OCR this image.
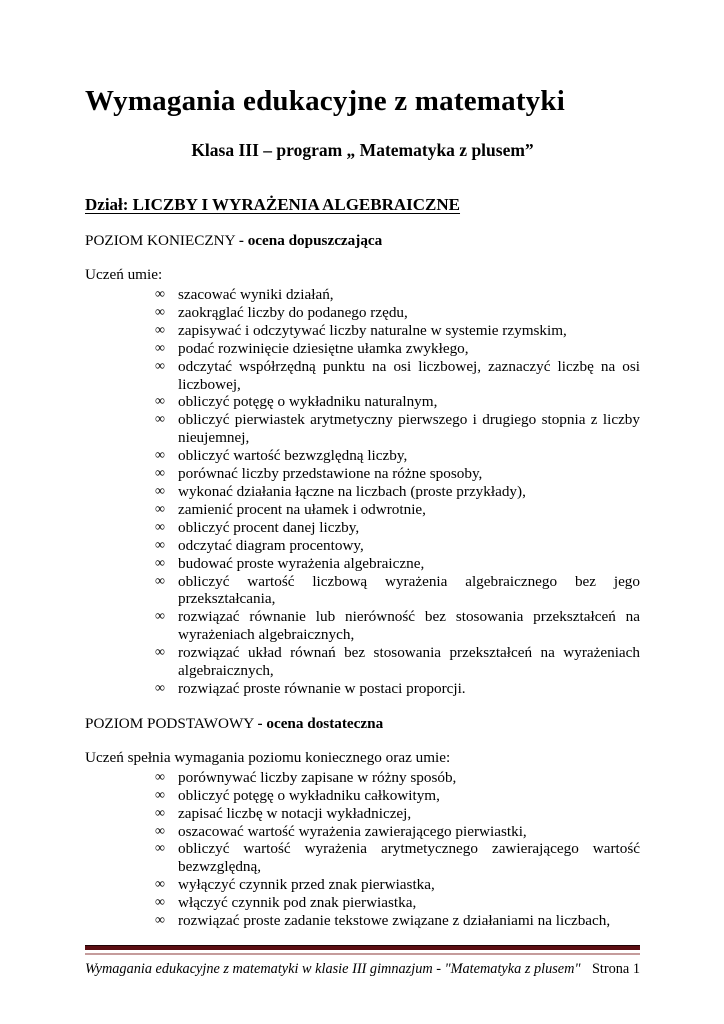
Wymagania edukacyjne z matematyki
Klasa III – program „ Matematyka z plusem”
Dział: LICZBY I WYRAŻENIA ALGEBRAICZNE
POZIOM KONIECZNY - ocena dopuszczająca
Uczeń umie:
∞ szacować wyniki działań,
∞ zaokrąglać liczby do podanego rzędu,
∞ zapisywać i odczytywać liczby naturalne w systemie rzymskim,
∞ podać rozwinięcie dziesiętne ułamka zwykłego,
∞ odczytać współrzędną punktu na osi liczbowej, zaznaczyć liczbę na osi liczbowej,
∞ obliczyć potęgę o wykładniku naturalnym,
∞ obliczyć pierwiastek arytmetyczny pierwszego i drugiego stopnia z liczby nieujemnej,
∞ obliczyć wartość bezwzględną liczby,
∞ porównać liczby przedstawione na różne sposoby,
∞ wykonać działania łączne na liczbach (proste przykłady),
∞ zamienić procent na ułamek i odwrotnie,
∞ obliczyć procent danej liczby,
∞ odczytać diagram procentowy,
∞ budować proste wyrażenia algebraiczne,
∞ obliczyć wartość liczbową wyrażenia algebraicznego bez jego przekształcania,
∞ rozwiązać równanie lub nierówność bez stosowania przekształceń na wyrażeniach algebraicznych,
∞ rozwiązać układ równań bez stosowania przekształceń na wyrażeniach algebraicznych,
∞ rozwiązać proste równanie w postaci proporcji.
POZIOM PODSTAWOWY - ocena dostateczna
Uczeń spełnia wymagania poziomu koniecznego oraz umie:
∞ porównywać liczby zapisane w różny sposób,
∞ obliczyć potęgę o wykładniku całkowitym,
∞ zapisać liczbę w notacji wykładniczej,
∞ oszacować wartość wyrażenia zawierającego pierwiastki,
∞ obliczyć wartość wyrażenia arytmetycznego zawierającego wartość bezwzględną,
∞ wyłączyć czynnik przed znak pierwiastka,
∞ włączyć czynnik pod znak pierwiastka,
∞ rozwiązać proste zadanie tekstowe związane z działaniami na liczbach,
Wymagania edukacyjne z matematyki w klasie III gimnazjum - "Matematyka z plusem" Strona 1
